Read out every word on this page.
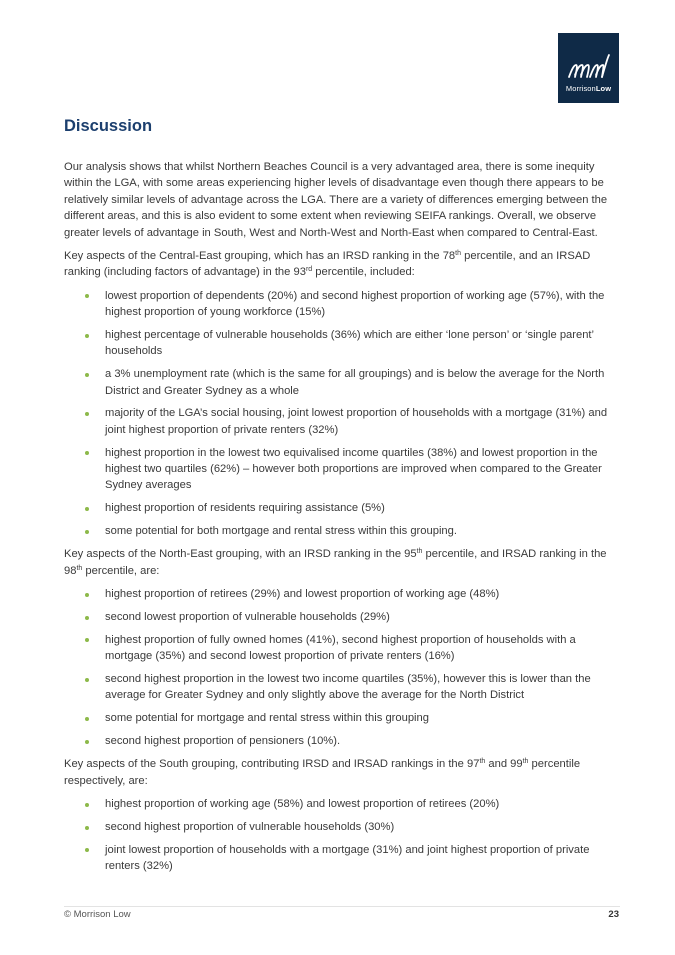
MorrisonLow
Discussion

Our analysis shows that whilst Northern Beaches Council is a very advantaged area, there is some inequity within the LGA, with some areas experiencing higher levels of disadvantage even though there appears to be relatively similar levels of advantage across the LGA. There are a variety of differences emerging between the different areas, and this is also evident to some extent when reviewing SEIFA rankings. Overall, we observe greater levels of advantage in South, West and North-West and North-East when compared to Central-East.

Key aspects of the Central-East grouping, which has an IRSD ranking in the 78th percentile, and an IRSAD ranking (including factors of advantage) in the 93rd percentile, included:

lowest proportion of dependents (20%) and second highest proportion of working age (57%), with the highest proportion of young workforce (15%)
highest percentage of vulnerable households (36%) which are either ‘lone person’ or ‘single parent’ households
a 3% unemployment rate (which is the same for all groupings) and is below the average for the North District and Greater Sydney as a whole
majority of the LGA’s social housing, joint lowest proportion of households with a mortgage (31%) and joint highest proportion of private renters (32%)
highest proportion in the lowest two equivalised income quartiles (38%) and lowest proportion in the highest two quartiles (62%) – however both proportions are improved when compared to the Greater Sydney averages
highest proportion of residents requiring assistance (5%)
some potential for both mortgage and rental stress within this grouping.

Key aspects of the North-East grouping, with an IRSD ranking in the 95th percentile, and IRSAD ranking in the 98th percentile, are:

highest proportion of retirees (29%) and lowest proportion of working age (48%)
second lowest proportion of vulnerable households (29%)
highest proportion of fully owned homes (41%), second highest proportion of households with a mortgage (35%) and second lowest proportion of private renters (16%)
second highest proportion in the lowest two income quartiles (35%), however this is lower than the average for Greater Sydney and only slightly above the average for the North District
some potential for mortgage and rental stress within this grouping
second highest proportion of pensioners (10%).

Key aspects of the South grouping, contributing IRSD and IRSAD rankings in the 97th and 99th percentile respectively, are:

highest proportion of working age (58%) and lowest proportion of retirees (20%)
second highest proportion of vulnerable households (30%)
joint lowest proportion of households with a mortgage (31%) and joint highest proportion of private renters (32%)
© Morrison Low	23
